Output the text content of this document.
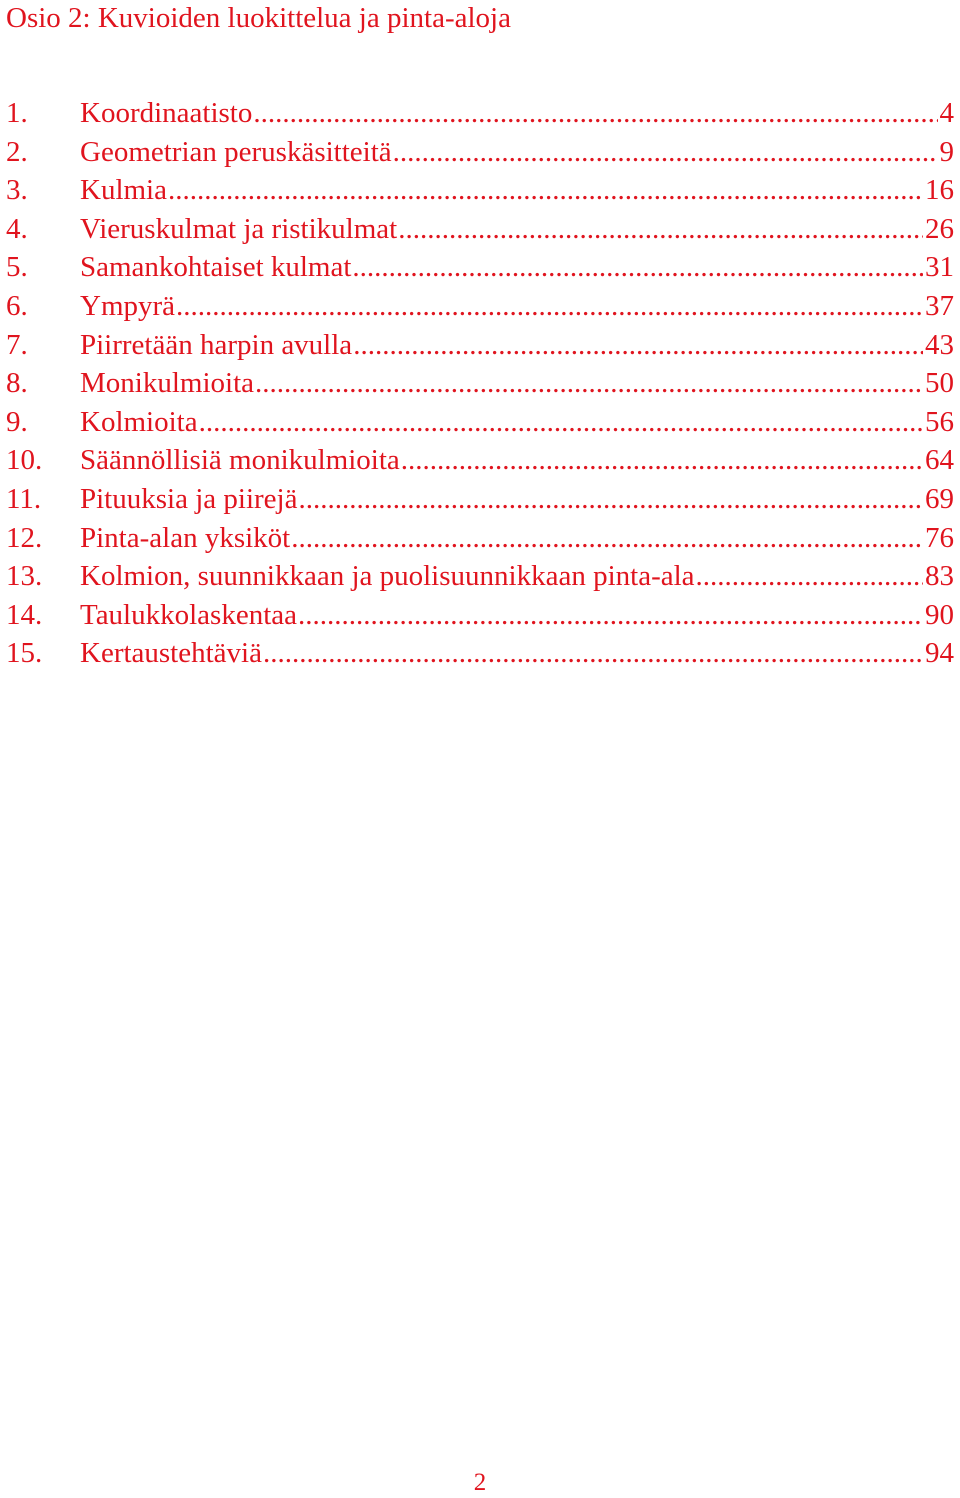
Osio 2: Kuvioiden luokittelua ja pinta-aloja
1.	Koordinaatisto .....	4
2.	Geometrian peruskäsitteitä .....	9
3.	Kulmia .....	16
4.	Vieruskulmat ja ristikulmat .....	26
5.	Samankohtaiset kulmat .....	31
6.	Ympyrä .....	37
7.	Piirretään harpin avulla .....	43
8.	Monikulmioita .....	50
9.	Kolmioita .....	56
10.	Säännöllisiä monikulmioita .....	64
11.	Pituuksia ja piirejä .....	69
12.	Pinta-alan yksiköt .....	76
13.	Kolmion, suunnikkaan ja puolisuunnikkaan pinta-ala .....	83
14.	Taulukkolaskentaa .....	90
15.	Kertaustehtäviä .....	94
2
